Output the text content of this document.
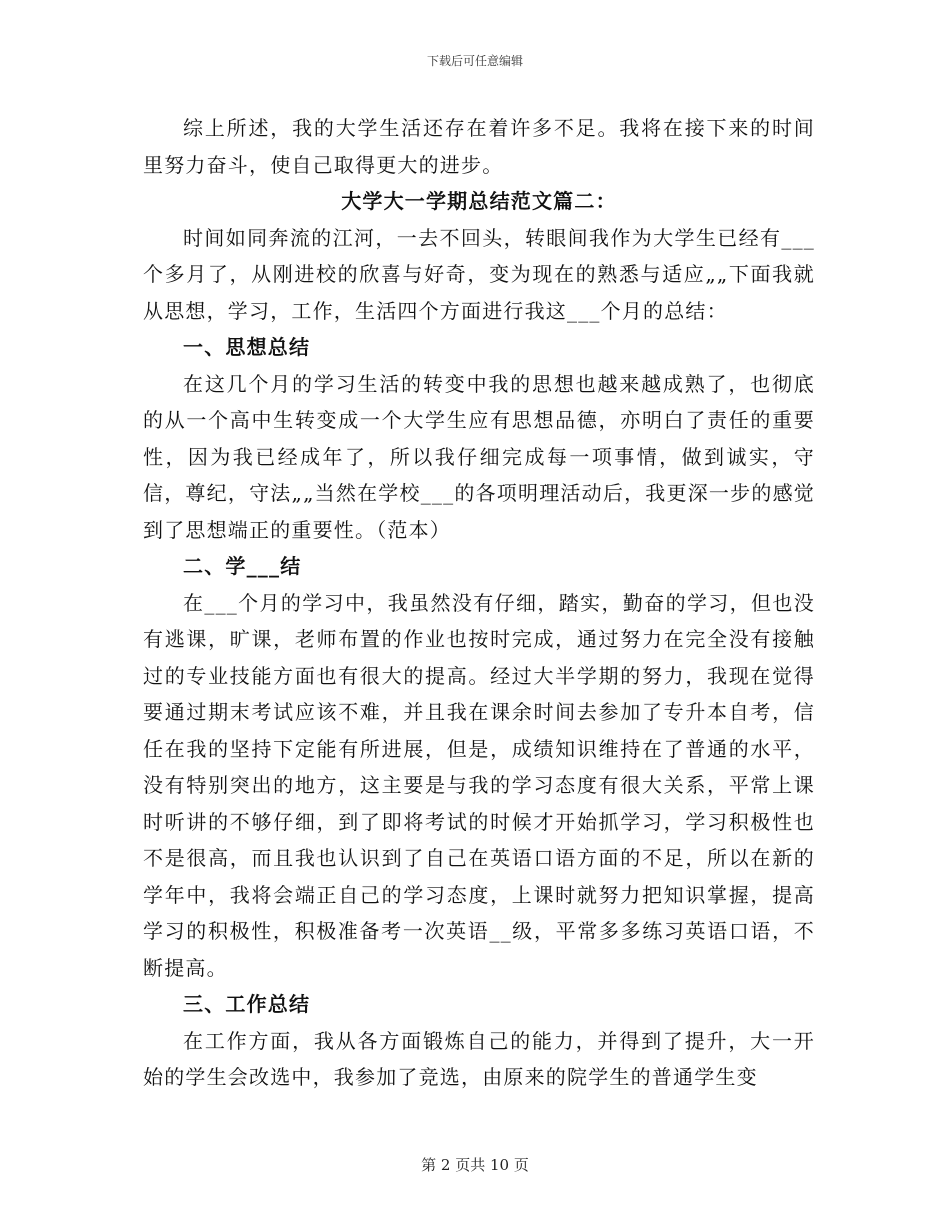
下载后可任意编辑

综上所述，我的大学生活还存在着许多不足。我将在接下来的时间里努力奋斗，使自己取得更大的进步。

大学大一学期总结范文篇二：

时间如同奔流的江河，一去不回头，转眼间我作为大学生已经有___个多月了，从刚进校的欣喜与好奇，变为现在的熟悉与适应„„下面我就从思想，学习，工作，生活四个方面进行我这___个月的总结：

一、思想总结

在这几个月的学习生活的转变中我的思想也越来越成熟了，也彻底的从一个高中生转变成一个大学生应有思想品德，亦明白了责任的重要性，因为我已经成年了，所以我仔细完成每一项事情，做到诚实，守信，尊纪，守法„„当然在学校___的各项明理活动后，我更深一步的感觉到了思想端正的重要性。（范本）

二、学___结

在___个月的学习中，我虽然没有仔细，踏实，勤奋的学习，但也没有逃课，旷课，老师布置的作业也按时完成，通过努力在完全没有接触过的专业技能方面也有很大的提高。经过大半学期的努力，我现在觉得要通过期末考试应该不难，并且我在课余时间去参加了专升本自考，信任在我的坚持下定能有所进展，但是，成绩知识维持在了普通的水平，没有特别突出的地方，这主要是与我的学习态度有很大关系，平常上课时听讲的不够仔细，到了即将考试的时候才开始抓学习，学习积极性也不是很高，而且我也认识到了自己在英语口语方面的不足，所以在新的学年中，我将会端正自己的学习态度，上课时就努力把知识掌握，提高学习的积极性，积极准备考一次英语__级，平常多多练习英语口语，不断提高。

三、工作总结

在工作方面，我从各方面锻炼自己的能力，并得到了提升，大一开始的学生会改选中，我参加了竞选，由原来的院学生的普通学生变

第 2 页共 10 页
